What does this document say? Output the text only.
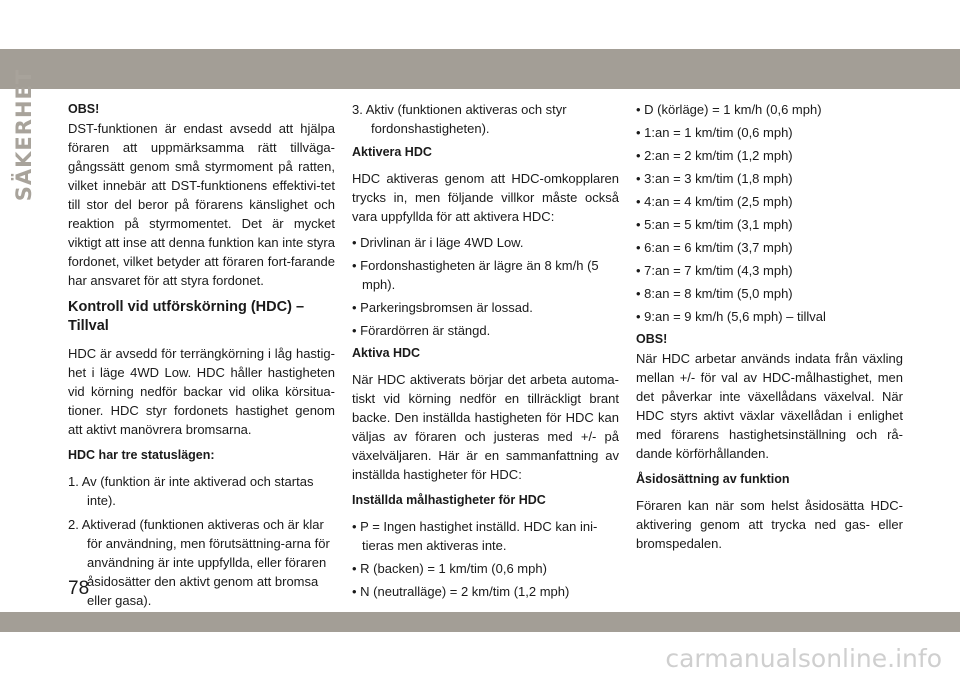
SÄKERHET	OBS!

DST-funktionen är endast avsedd att hjälpa föraren att uppmärksamma rätt tillväga-gångssätt genom små styrmoment på ratten, vilket innebär att DST-funktionens effektivi-tet till stor del beror på förarens känslighet och reaktion på styrmomentet. Det är mycket viktigt att inse att denna funktion kan inte styra fordonet, vilket betyder att föraren fort-farande har ansvaret för att styra fordonet.

Kontroll vid utförskörning (HDC) – Tillval

HDC är avsedd för terrängkörning i låg hastig-het i läge 4WD Low. HDC håller hastigheten vid körning nedför backar vid olika körsitua-tioner. HDC styr fordonets hastighet genom att aktivt manövrera bromsarna.

HDC har tre statuslägen:
1. Av (funktion är inte aktiverad och startas inte).
2. Aktiverad (funktionen aktiveras och är klar för användning, men förutsättning-arna för användning är inte uppfyllda, eller föraren åsidosätter den aktivt genom att bromsa eller gasa).
3. Aktiv (funktionen aktiveras och styr fordonshastigheten).
Aktivera HDC

HDC aktiveras genom att HDC-omkopplaren trycks in, men följande villkor måste också vara uppfyllda för att aktivera HDC:

• Drivlinan är i läge 4WD Low.
• Fordonshastigheten är lägre än 8 km/h (5 mph).
• Parkeringsbromsen är lossad.
• Förardörren är stängd.
Aktiva HDC

När HDC aktiverats börjar det arbeta automa-tiskt vid körning nedför en tillräckligt brant backe. Den inställda hastigheten för HDC kan väljas av föraren och justeras med +/- på växelväljaren. Här är en sammanfattning av inställda hastigheter för HDC:

Inställda målhastigheter för HDC
• P = Ingen hastighet inställd. HDC kan ini-tieras men aktiveras inte.
• R (backen) = 1 km/tim (0,6 mph)
• N (neutralläge) = 2 km/tim (1,2 mph)
• D (körläge) = 1 km/h (0,6 mph)
• 1:an = 1 km/tim (0,6 mph)
• 2:an = 2 km/tim (1,2 mph)
• 3:an = 3 km/tim (1,8 mph)
• 4:an = 4 km/tim (2,5 mph)
• 5:an = 5 km/tim (3,1 mph)
• 6:an = 6 km/tim (3,7 mph)
• 7:an = 7 km/tim (4,3 mph)
• 8:an = 8 km/tim (5,0 mph)
• 9:an = 9 km/h (5,6 mph) – tillval
OBS!

När HDC arbetar används indata från växling mellan +/- för val av HDC-målhastighet, men det påverkar inte växellådans växelval. När HDC styrs aktivt växlar växellådan i enlighet med förarens hastighetsinställning och rå-dande körförhållanden.

Åsidosättning av funktion

Föraren kan när som helst åsidosätta HDC-aktivering genom att trycka ned gas- eller bromspedalen.

78
carmanualsonline.info
